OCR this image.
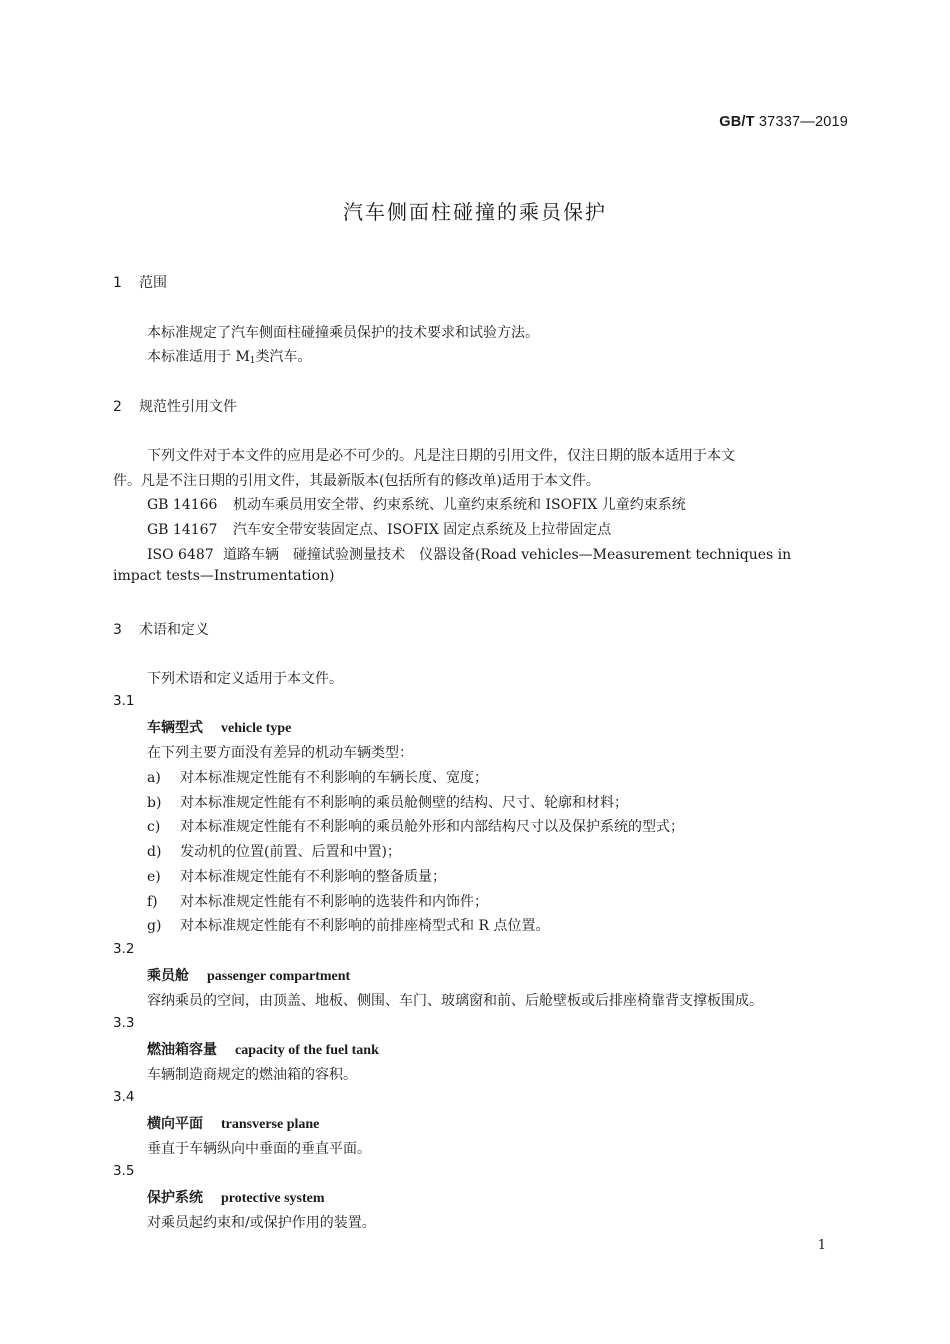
GB/T 37337—2019
汽车侧面柱碰撞的乘员保护
1 范围
本标准规定了汽车侧面柱碰撞乘员保护的技术要求和试验方法。
本标准适用于 $M_1$类汽车。
2 规范性引用文件
下列文件对于本文件的应用是必不可少的。凡是注日期的引用文件，仅注日期的版本适用于本文
件。凡是不注日期的引用文件，其最新版本(包括所有的修改单)适用于本文件。
GB 14166 机动车乘员用安全带、约束系统、儿童约束系统和 ISOFIX 儿童约束系统
GB 14167 汽车安全带安装固定点、ISOFIX 固定点系统及上拉带固定点
ISO 6487 道路车辆　碰撞试验测量技术　仪器设备(Road vehicles—Measurement techniques in
impact tests—Instrumentation)
3 术语和定义
下列术语和定义适用于本文件。
3.1
车辆型式 vehicle type
在下列主要方面没有差异的机动车辆类型：
a) 对本标准规定性能有不利影响的车辆长度、宽度；
b) 对本标准规定性能有不利影响的乘员舱侧壁的结构、尺寸、轮廓和材料；
c) 对本标准规定性能有不利影响的乘员舱外形和内部结构尺寸以及保护系统的型式；
d) 发动机的位置(前置、后置和中置)；
e) 对本标准规定性能有不利影响的整备质量；
f) 对本标准规定性能有不利影响的选装件和内饰件；
g) 对本标准规定性能有不利影响的前排座椅型式和 R 点位置。
3.2
乘员舱 passenger compartment
容纳乘员的空间，由顶盖、地板、侧围、车门、玻璃窗和前、后舱壁板或后排座椅靠背支撑板围成。
3.3
燃油箱容量 capacity of the fuel tank
车辆制造商规定的燃油箱的容积。
3.4
横向平面 transverse plane
垂直于车辆纵向中垂面的垂直平面。
3.5
保护系统 protective system
对乘员起约束和/或保护作用的装置。
1
